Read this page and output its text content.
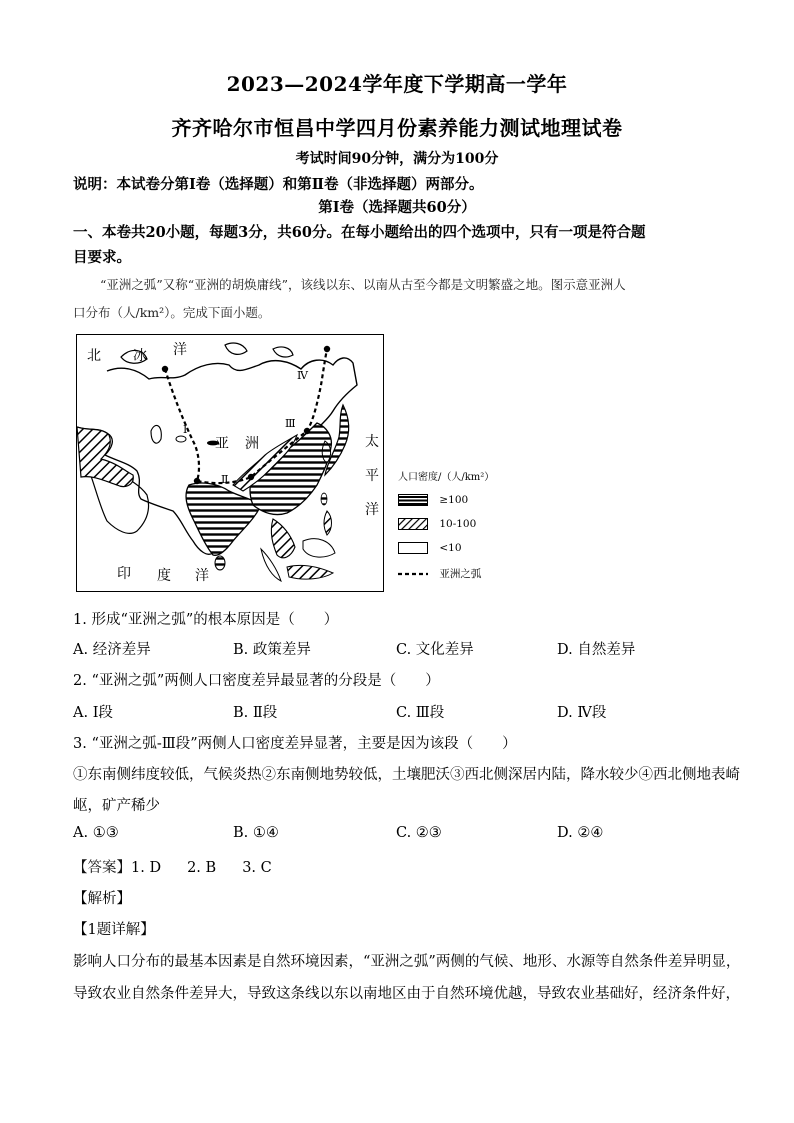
2023—2024学年度下学期高一学年
齐齐哈尔市恒昌中学四月份素养能力测试地理试卷
考试时间90分钟，满分为100分
说明：本试卷分第Ⅰ卷（选择题）和第Ⅱ卷（非选择题）两部分。
第Ⅰ卷（选择题共60分）
一、本卷共20小题，每题3分，共60分。在每小题给出的四个选项中，只有一项是符合题
目要求。
“亚洲之弧”又称“亚洲的胡焕庸线”，该线以东、以南从古至今都是文明繁盛之地。图示意亚洲人
口分布（人/km²）。完成下面小题。
北 冰 洋
亚 洲	太
平
洋
印 度 洋
Ⅰ
Ⅱ
Ⅲ
Ⅳ
人口密度/（人/km²）
≥100
10-100
<10
亚洲之弧
1. 形成“亚洲之弧”的根本原因是（　　）
A. 经济差异	B. 政策差异	C. 文化差异	D. 自然差异
2. “亚洲之弧”两侧人口密度差异最显著的分段是（　　）
A. Ⅰ段	B. Ⅱ段	C. Ⅲ段	D. Ⅳ段
3. “亚洲之弧-Ⅲ段”两侧人口密度差异显著，主要是因为该段（　　）
①东南侧纬度较低，气候炎热②东南侧地势较低，土壤肥沃③西北侧深居内陆，降水较少④西北侧地表崎
岖，矿产稀少
A. ①③	B. ①④	C. ②③	D. ②④
【答案】1. D 2. B 3. C
【解析】
【1题详解】
影响人口分布的最基本因素是自然环境因素，“亚洲之弧”两侧的气候、地形、水源等自然条件差异明显，
导致农业自然条件差异大，导致这条线以东以南地区由于自然环境优越，导致农业基础好，经济条件好，
